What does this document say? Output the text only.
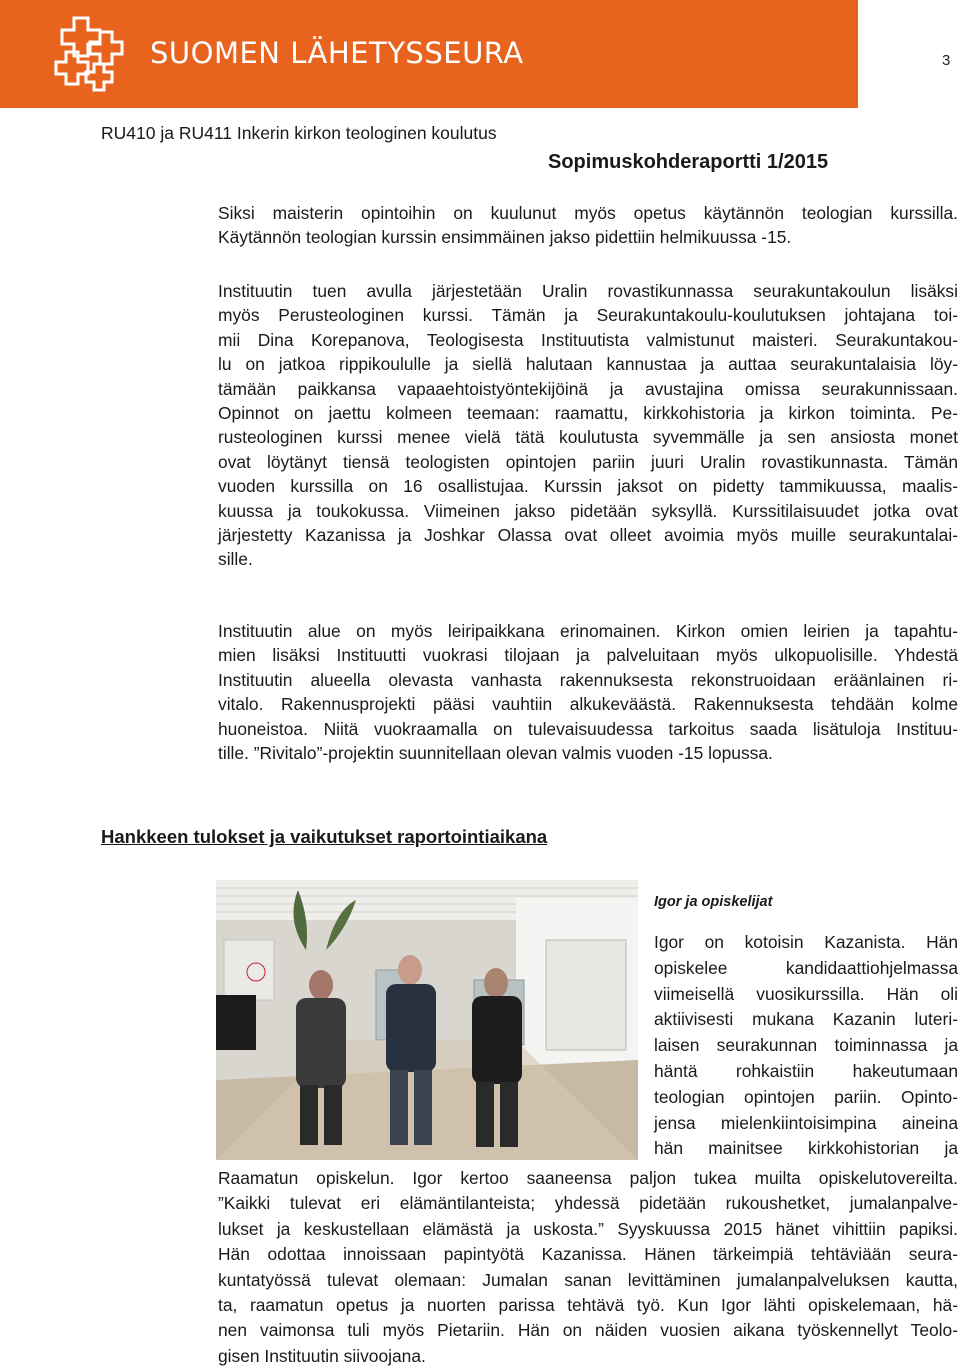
SUOMEN LÄHETYSSEURA	3
RU410 ja RU411 Inkerin kirkon teologinen koulutus
Sopimuskohderaportti 1/2015
Siksi maisterin opintoihin on kuulunut myös opetus käytännön teologian kurssilla.
Käytännön teologian kurssin ensimmäinen jakso pidettiin helmikuussa -15.
Instituutin tuen avulla järjestetään Uralin rovastikunnassa seurakuntakoulun lisäksi
myös Perusteologinen kurssi. Tämän ja Seurakuntakoulu-koulutuksen johtajana toi-
mii Dina Korepanova, Teologisesta Instituutista valmistunut maisteri. Seurakuntakou-
lu on jatkoa rippikoululle ja siellä halutaan kannustaa ja auttaa seurakuntalaisia löy-
tämään paikkansa vapaaehtoistyöntekijöinä ja avustajina omissa seurakunnissaan.
Opinnot on jaettu kolmeen teemaan: raamattu, kirkkohistoria ja kirkon toiminta. Pe-
rusteologinen kurssi menee vielä tätä koulutusta syvemmälle ja sen ansiosta monet
ovat löytänyt tiensä teologisten opintojen pariin juuri Uralin rovastikunnasta. Tämän
vuoden kurssilla on 16 osallistujaa. Kurssin jaksot on pidetty tammikuussa, maalis-
kuussa ja toukokussa. Viimeinen jakso pidetään syksyllä. Kurssitilaisuudet jotka ovat
järjestetty Kazanissa ja Joshkar Olassa ovat olleet avoimia myös muille seurakuntalai-
sille.
Instituutin alue on myös leiripaikkana erinomainen. Kirkon omien leirien ja tapahtu-
mien lisäksi Instituutti vuokrasi tilojaan ja palveluitaan myös ulkopuolisille. Yhdestä
Instituutin alueella olevasta vanhasta rakennuksesta rekonstruoidaan eräänlainen ri-
vitalo. Rakennusprojekti pääsi vauhtiin alkukeväästä. Rakennuksesta tehdään kolme
huoneistoa. Niitä vuokraamalla on tulevaisuudessa tarkoitus saada lisätuloja Instituu-
tille. ”Rivitalo”-projektin suunnitellaan olevan valmis vuoden -15 lopussa.
Hankkeen tulokset ja vaikutukset raportointiaikana
Igor ja opiskelijat
Igor on kotoisin Kazanista. Hän
opiskelee kandidaattiohjelmassa
viimeisellä vuosikurssilla. Hän oli
aktiivisesti mukana Kazanin luteri-
laisen seurakunnan toiminnassa ja
häntä rohkaistiin hakeutumaan
teologian opintojen pariin. Opinto-
jensa mielenkiintoisimpina aineina
hän mainitsee kirkkohistorian ja
Raamatun opiskelun. Igor kertoo saaneensa paljon tukea muilta opiskelutovereilta.
”Kaikki tulevat eri elämäntilanteista; yhdessä pidetään rukoushetket, jumalanpalve-
lukset ja keskustellaan elämästä ja uskosta.” Syyskuussa 2015 hänet vihittiin papiksi.
Hän odottaa innoissaan papintyötä Kazanissa. Hänen tärkeimpiä tehtäviään seura-
kuntatyössä tulevat olemaan: Jumalan sanan levittäminen jumalanpalveluksen kautta,
ta, raamatun opetus ja nuorten parissa tehtävä työ. Kun Igor lähti opiskelemaan, hä-
nen vaimonsa tuli myös Pietariin. Hän on näiden vuosien aikana työskennellyt Teolo-
gisen Instituutin siivoojana.
